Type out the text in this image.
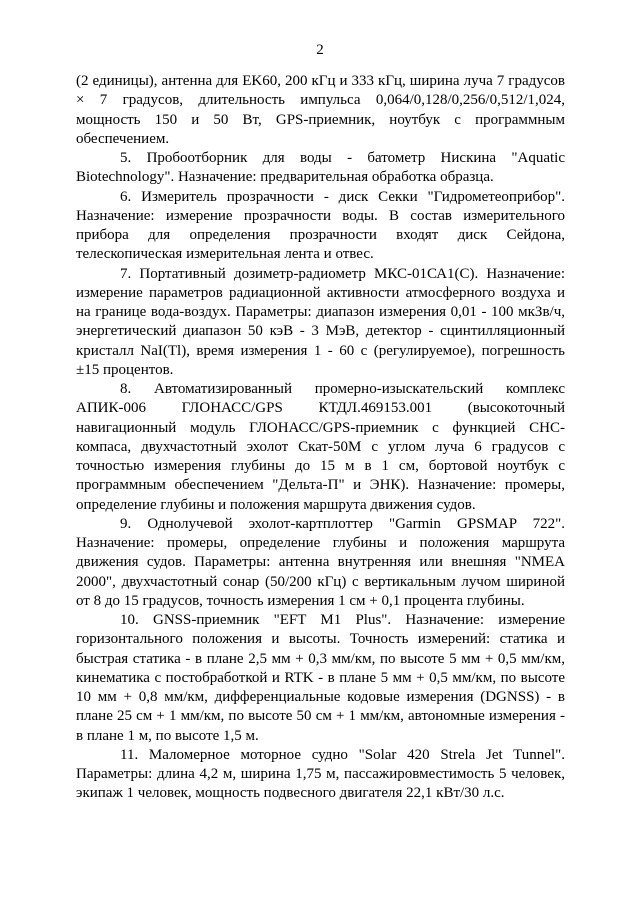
2

(2 единицы), антенна для EK60, 200 кГц и 333 кГц, ширина луча 7 градусов × 7 градусов, длительность импульса 0,064/0,128/0,256/0,512/1,024, мощность 150 и 50 Вт, GPS-приемник, ноутбук с программным обеспечением.

5. Пробоотборник для воды - батометр Нискина "Aquatic Biotechnology". Назначение: предварительная обработка образца.

6. Измеритель прозрачности - диск Секки "Гидрометеоприбор". Назначение: измерение прозрачности воды. В состав измерительного прибора для определения прозрачности входят диск Сейдона, телескопическая измерительная лента и отвес.

7. Портативный дозиметр-радиометр МКС-01СА1(С). Назначение: измерение параметров радиационной активности атмосферного воздуха и на границе вода-воздух. Параметры: диапазон измерения 0,01 - 100 мкЗв/ч, энергетический диапазон 50 кэВ - 3 МэВ, детектор - сцинтилляционный кристалл NaI(Tl), время измерения 1 - 60 с (регулируемое), погрешность ±15 процентов.

8. Автоматизированный промерно-изыскательский комплекс АПИК-006 ГЛОНАСС/GPS КТДЛ.469153.001 (высокоточный навигационный модуль ГЛОНАСС/GPS-приемник с функцией СНС-компаса, двухчастотный эхолот Скат-50М с углом луча 6 градусов с точностью измерения глубины до 15 м в 1 см, бортовой ноутбук с программным обеспечением "Дельта-П" и ЭНК). Назначение: промеры, определение глубины и положения маршрута движения судов.

9. Однолучевой эхолот-картплоттер "Garmin GPSMAP 722". Назначение: промеры, определение глубины и положения маршрута движения судов. Параметры: антенна внутренняя или внешняя "NMEA 2000", двухчастотный сонар (50/200 кГц) с вертикальным лучом шириной от 8 до 15 градусов, точность измерения 1 см + 0,1 процента глубины.

10. GNSS-приемник "EFT M1 Plus". Назначение: измерение горизонтального положения и высоты. Точность измерений: статика и быстрая статика - в плане 2,5 мм + 0,3 мм/км, по высоте 5 мм + 0,5 мм/км, кинематика с постобработкой и RTK - в плане 5 мм + 0,5 мм/км, по высоте 10 мм + 0,8 мм/км, дифференциальные кодовые измерения (DGNSS) - в плане 25 см + 1 мм/км, по высоте 50 см + 1 мм/км, автономные измерения - в плане 1 м, по высоте 1,5 м.

11. Маломерное моторное судно "Solar 420 Strela Jet Tunnel". Параметры: длина 4,2 м, ширина 1,75 м, пассажировместимость 5 человек, экипаж 1 человек, мощность подвесного двигателя 22,1 кВт/30 л.с.
